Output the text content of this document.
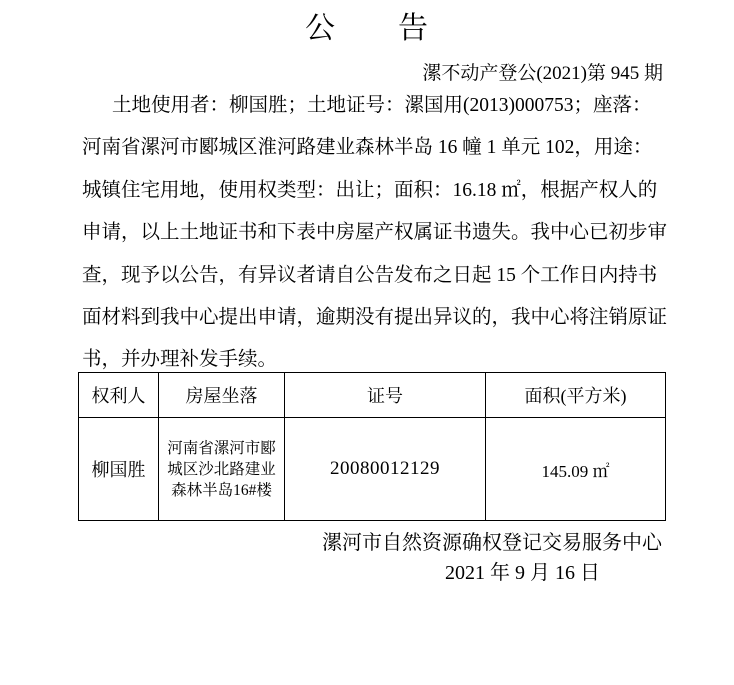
公　　告
漯不动产登公(2021)第 945 期
土地使用者：柳国胜；土地证号：漯国用(2013)000753；座落：
河南省漯河市郾城区淮河路建业森林半岛 16 幢 1 单元 102，用途：
城镇住宅用地，使用权类型：出让；面积：16.18 ㎡，根据产权人的
申请，以上土地证书和下表中房屋产权属证书遗失。我中心已初步审
查，现予以公告，有异议者请自公告发布之日起 15 个工作日内持书
面材料到我中心提出申请，逾期没有提出异议的，我中心将注销原证
书，并办理补发手续。
权利人	房屋坐落	证号	面积(平方米)
柳国胜	河南省漯河市郾城区沙北路建业森林半岛16#楼	20080012129	145.09 ㎡
漯河市自然资源确权登记交易服务中心
2021 年 9 月 16 日
